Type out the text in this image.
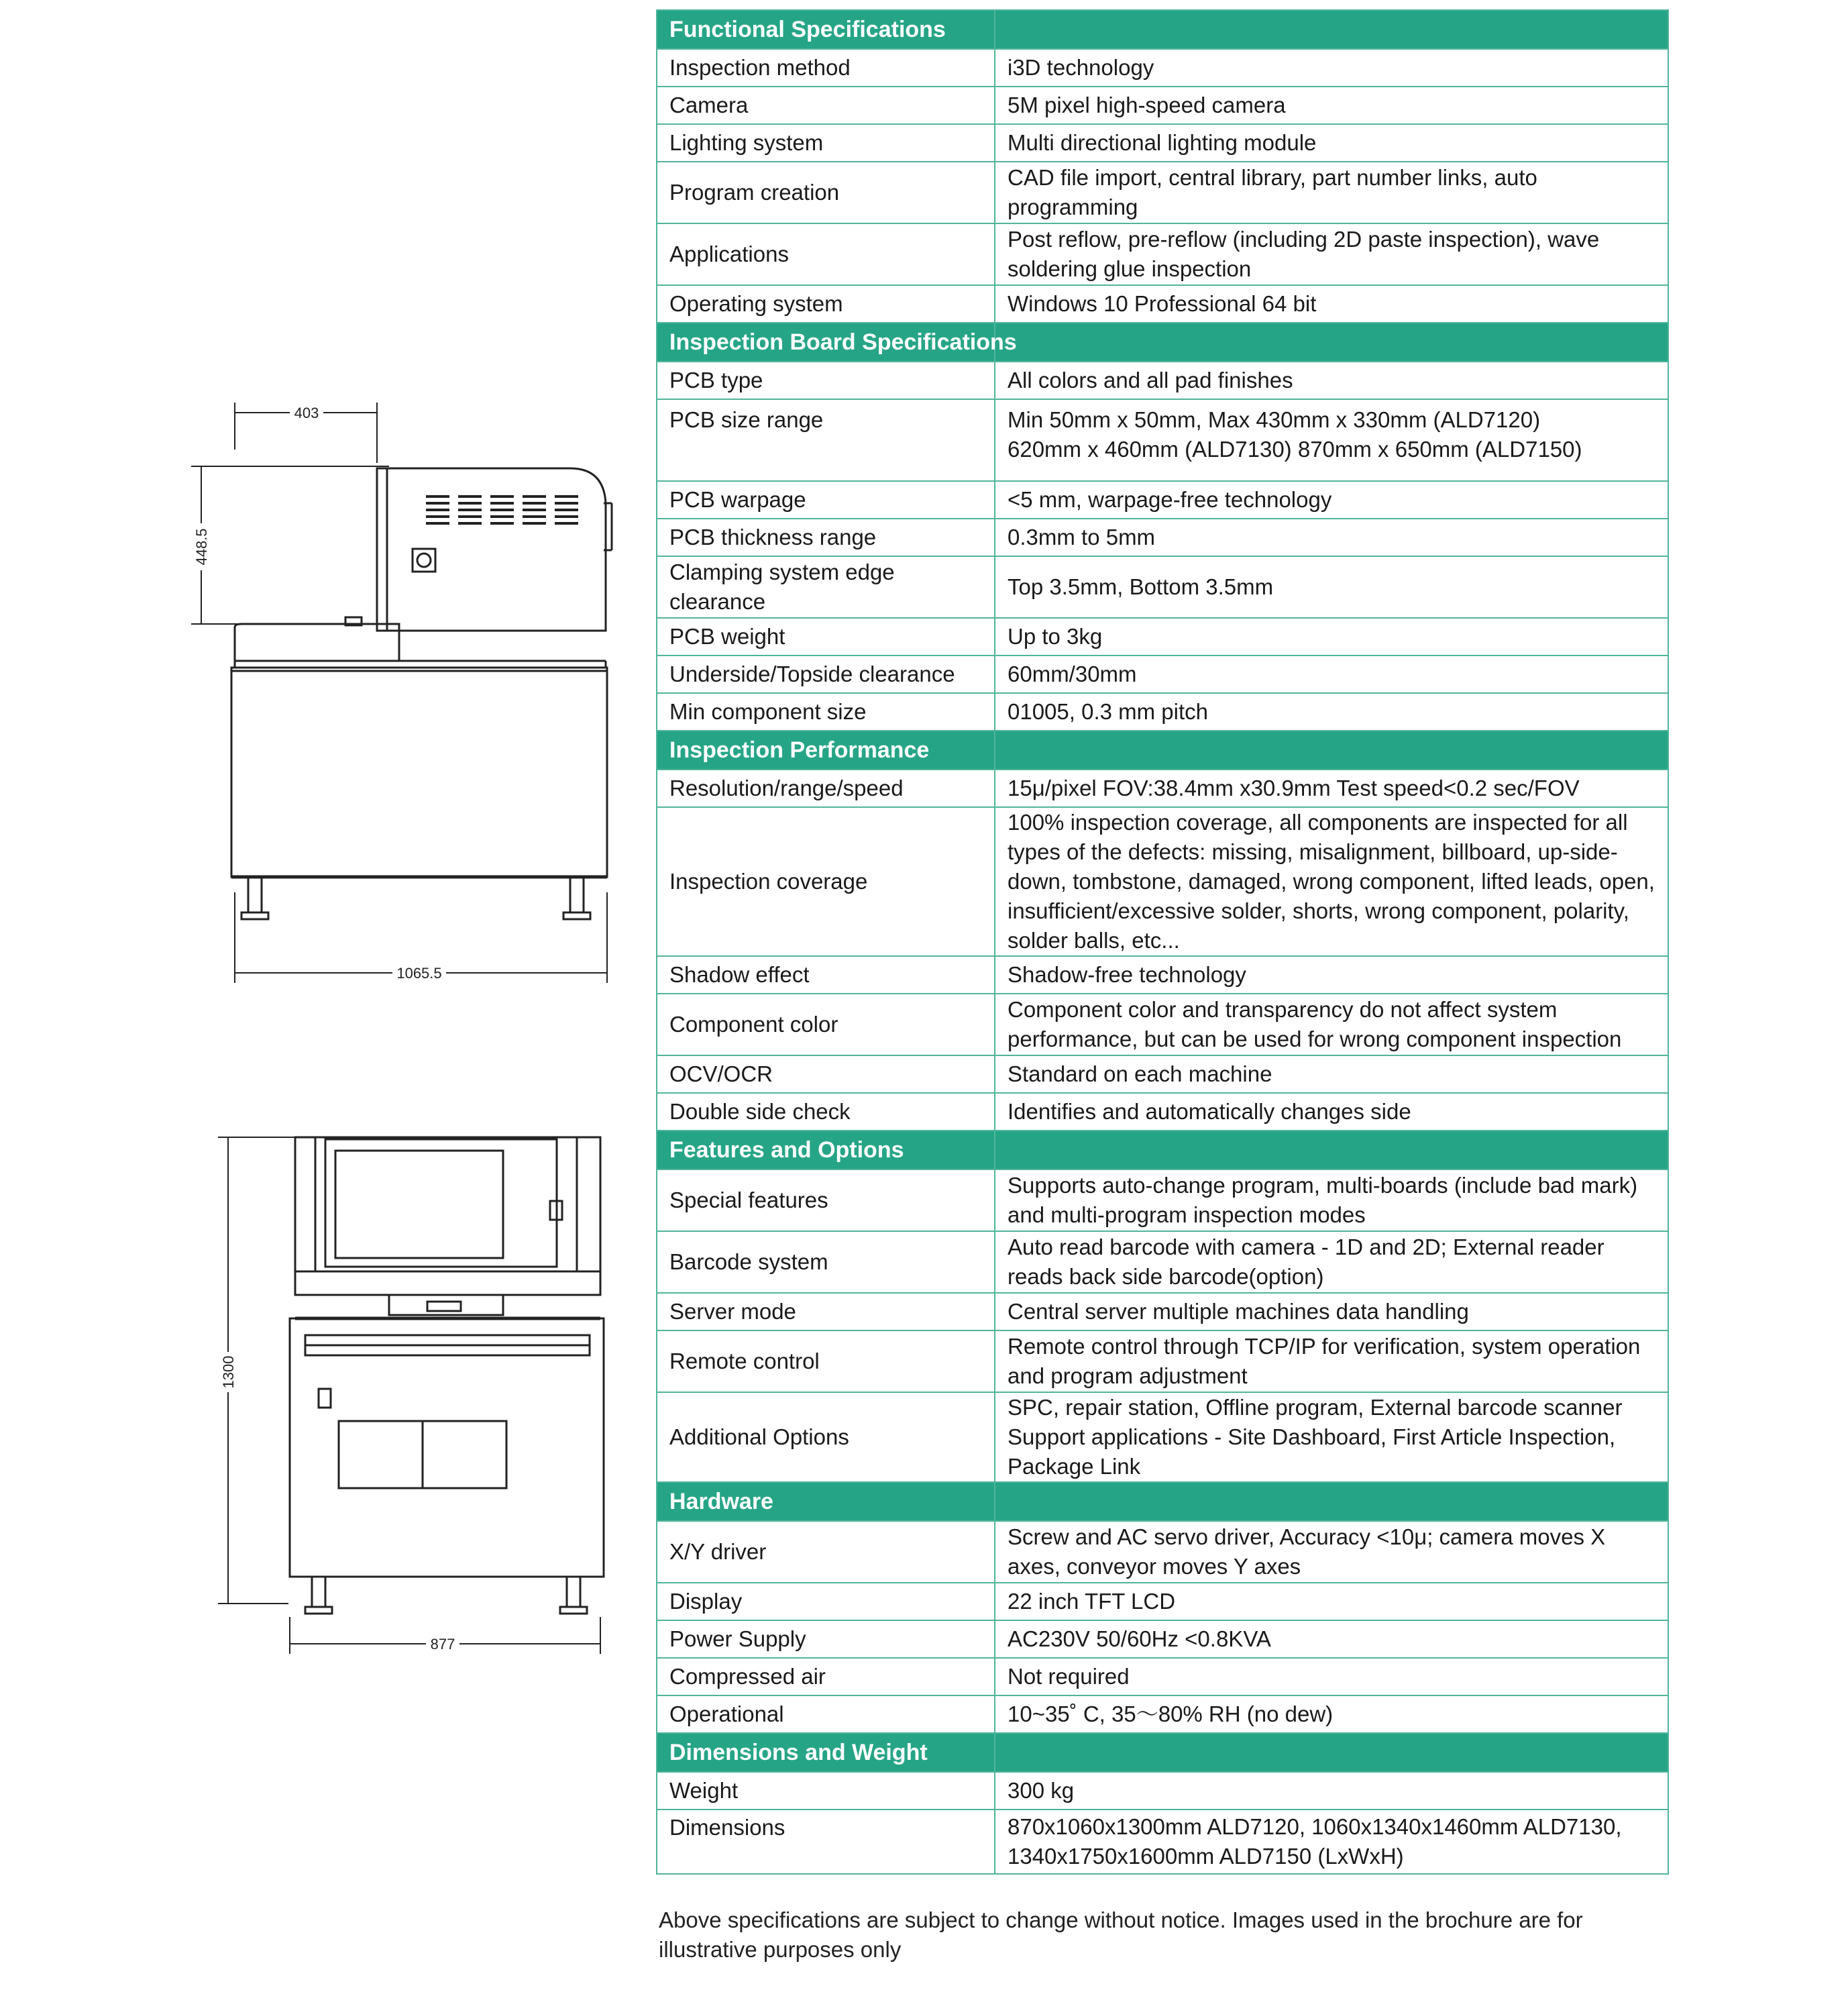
403
448.5
1065.5
1300
877
Functional Specifications	
Inspection method	i3D technology
Camera	5M pixel high-speed camera
Lighting system	Multi directional lighting module
Program creation	CAD file import, central library, part number links, auto programming
Applications	Post reflow, pre-reflow (including 2D paste inspection), wave soldering glue inspection
Operating system	Windows 10 Professional 64 bit
Inspection Board Specifications	
PCB type	All colors and all pad finishes
PCB size range	Min 50mm x 50mm, Max 430mm x 330mm (ALD7120)
620mm x 460mm (ALD7130) 870mm x 650mm (ALD7150)

PCB warpage	<5 mm, warpage-free technology
PCB thickness range	0.3mm to 5mm
Clamping system edge clearance	Top 3.5mm, Bottom 3.5mm
PCB weight	Up to 3kg
Underside/Topside clearance	60mm/30mm
Min component size	01005, 0.3 mm pitch
Inspection Performance	
Resolution/range/speed	15μ/pixel FOV:38.4mm x30.9mm Test speed<0.2 sec/FOV
Inspection coverage	100% inspection coverage, all components are inspected for all types of the defects: missing, misalignment, billboard, up-side-down, tombstone, damaged, wrong component, lifted leads, open, insufficient/excessive solder, shorts, wrong component, polarity, solder balls, etc...
Shadow effect	Shadow-free technology
Component color	Component color and transparency do not affect system performance, but can be used for wrong component inspection
OCV/OCR	Standard on each machine
Double side check	Identifies and automatically changes side
Features and Options	
Special features	Supports auto-change program, multi-boards (include bad mark) and multi-program inspection modes
Barcode system	Auto read barcode with camera - 1D and 2D; External reader reads back side barcode(option)
Server mode	Central server multiple machines data handling
Remote control	Remote control through TCP/IP for verification, system operation and program adjustment
Additional Options	SPC, repair station, Offline program, External barcode scanner
Support applications - Site Dashboard, First Article Inspection, Package Link

Hardware	
X/Y driver	Screw and AC servo driver, Accuracy <10μ; camera moves X axes, conveyor moves Y axes
Display	22 inch TFT LCD
Power Supply	AC230V 50/60Hz <0.8KVA
Compressed air	Not required
Operational	10~35˚ C, 35～80% RH (no dew)
Dimensions and Weight	
Weight	300 kg
Dimensions	870x1060x1300mm ALD7120, 1060x1340x1460mm ALD7130, 1340x1750x1600mm ALD7150 (LxWxH)
Above specifications are subject to change without notice. Images used in the brochure are for illustrative purposes only
